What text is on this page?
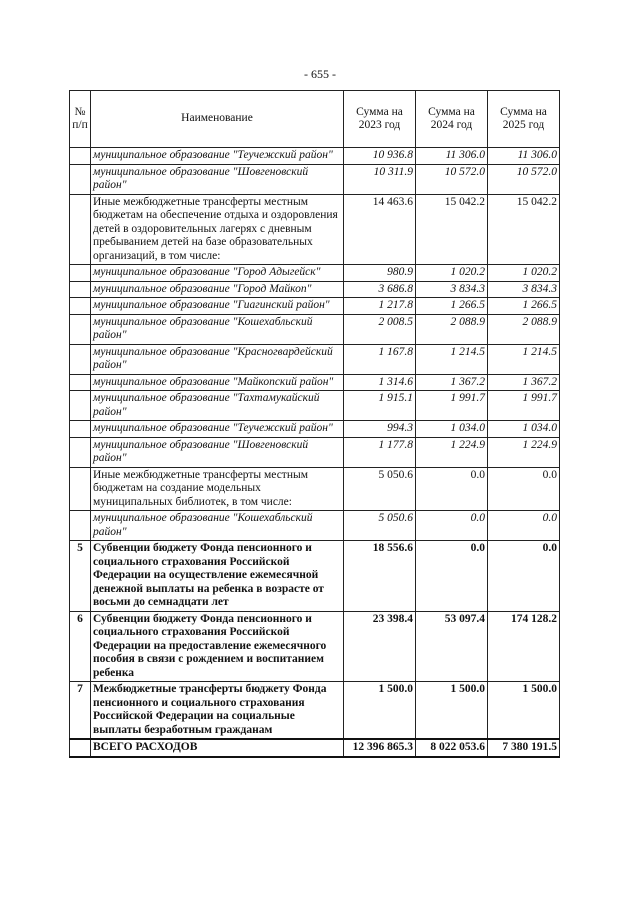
- 655 -
№ п/п	Наименование	Сумма на 2023 год	Сумма на 2024 год	Сумма на 2025 год
	муниципальное образование "Теучежский район"	10 936.8	11 306.0	11 306.0
	муниципальное образование "Шовгеновский район"	10 311.9	10 572.0	10 572.0
	Иные межбюджетные трансферты местным бюджетам на обеспечение отдыха и оздоровления детей в оздоровительных лагерях с дневным пребыванием детей на базе образовательных организаций, в том числе:	14 463.6	15 042.2	15 042.2
	муниципальное образование "Город Адыгейск"	980.9	1 020.2	1 020.2
	муниципальное образование "Город Майкоп"	3 686.8	3 834.3	3 834.3
	муниципальное образование "Гиагинский район"	1 217.8	1 266.5	1 266.5
	муниципальное образование "Кошехабльский район"	2 008.5	2 088.9	2 088.9
	муниципальное образование "Красногвардейский район"	1 167.8	1 214.5	1 214.5
	муниципальное образование "Майкопский район"	1 314.6	1 367.2	1 367.2
	муниципальное образование "Тахтамукайский район"	1 915.1	1 991.7	1 991.7
	муниципальное образование "Теучежский район"	994.3	1 034.0	1 034.0
	муниципальное образование "Шовгеновский район"	1 177.8	1 224.9	1 224.9
	Иные межбюджетные трансферты местным бюджетам на создание модельных муниципальных библиотек, в том числе:	5 050.6	0.0	0.0
	муниципальное образование "Кошехабльский район"	5 050.6	0.0	0.0
5	Субвенции бюджету Фонда пенсионного и социального страхования Российской Федерации на осуществление ежемесячной денежной выплаты на ребенка в возрасте от восьми до семнадцати лет	18 556.6	0.0	0.0
6	Субвенции бюджету Фонда пенсионного и социального страхования Российской Федерации на предоставление ежемесячного пособия в связи с рождением и воспитанием ребенка	23 398.4	53 097.4	174 128.2
7	Межбюджетные трансферты бюджету Фонда пенсионного и социального страхования Российской Федерации на социальные выплаты безработным гражданам	1 500.0	1 500.0	1 500.0
	ВСЕГО РАСХОДОВ	12 396 865.3	8 022 053.6	7 380 191.5
